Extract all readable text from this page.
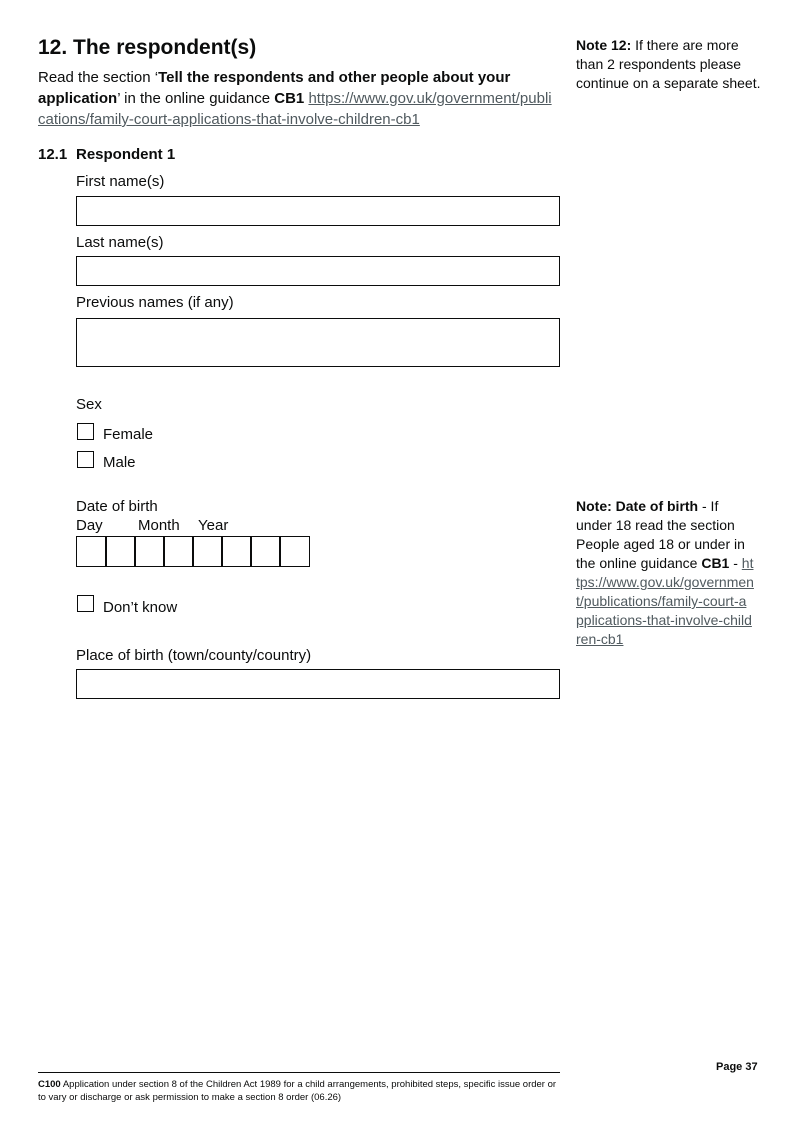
12. The respondent(s)
Read the section ‘Tell the respondents and other people about your application’ in the online guidance CB1 https://www.gov.uk/government/publications/family-court-applications-that-involve-children-cb1
Note 12: If there are more than 2 respondents please continue on a separate sheet.
12.1 Respondent 1
First name(s)
Last name(s)
Previous names (if any)
Sex
Female
Male
Date of birth
Day Month Year
Don’t know
Note: Date of birth - If under 18 read the section People aged 18 or under in the online guidance CB1 - https://www.gov.uk/government/publications/family-court-applications-that-involve-children-cb1
Place of birth (town/county/country)
C100 Application under section 8 of the Children Act 1989 for a child arrangements, prohibited steps, specific issue order or to vary or discharge or ask permission to make a section 8 order (06.26)
Page 37
